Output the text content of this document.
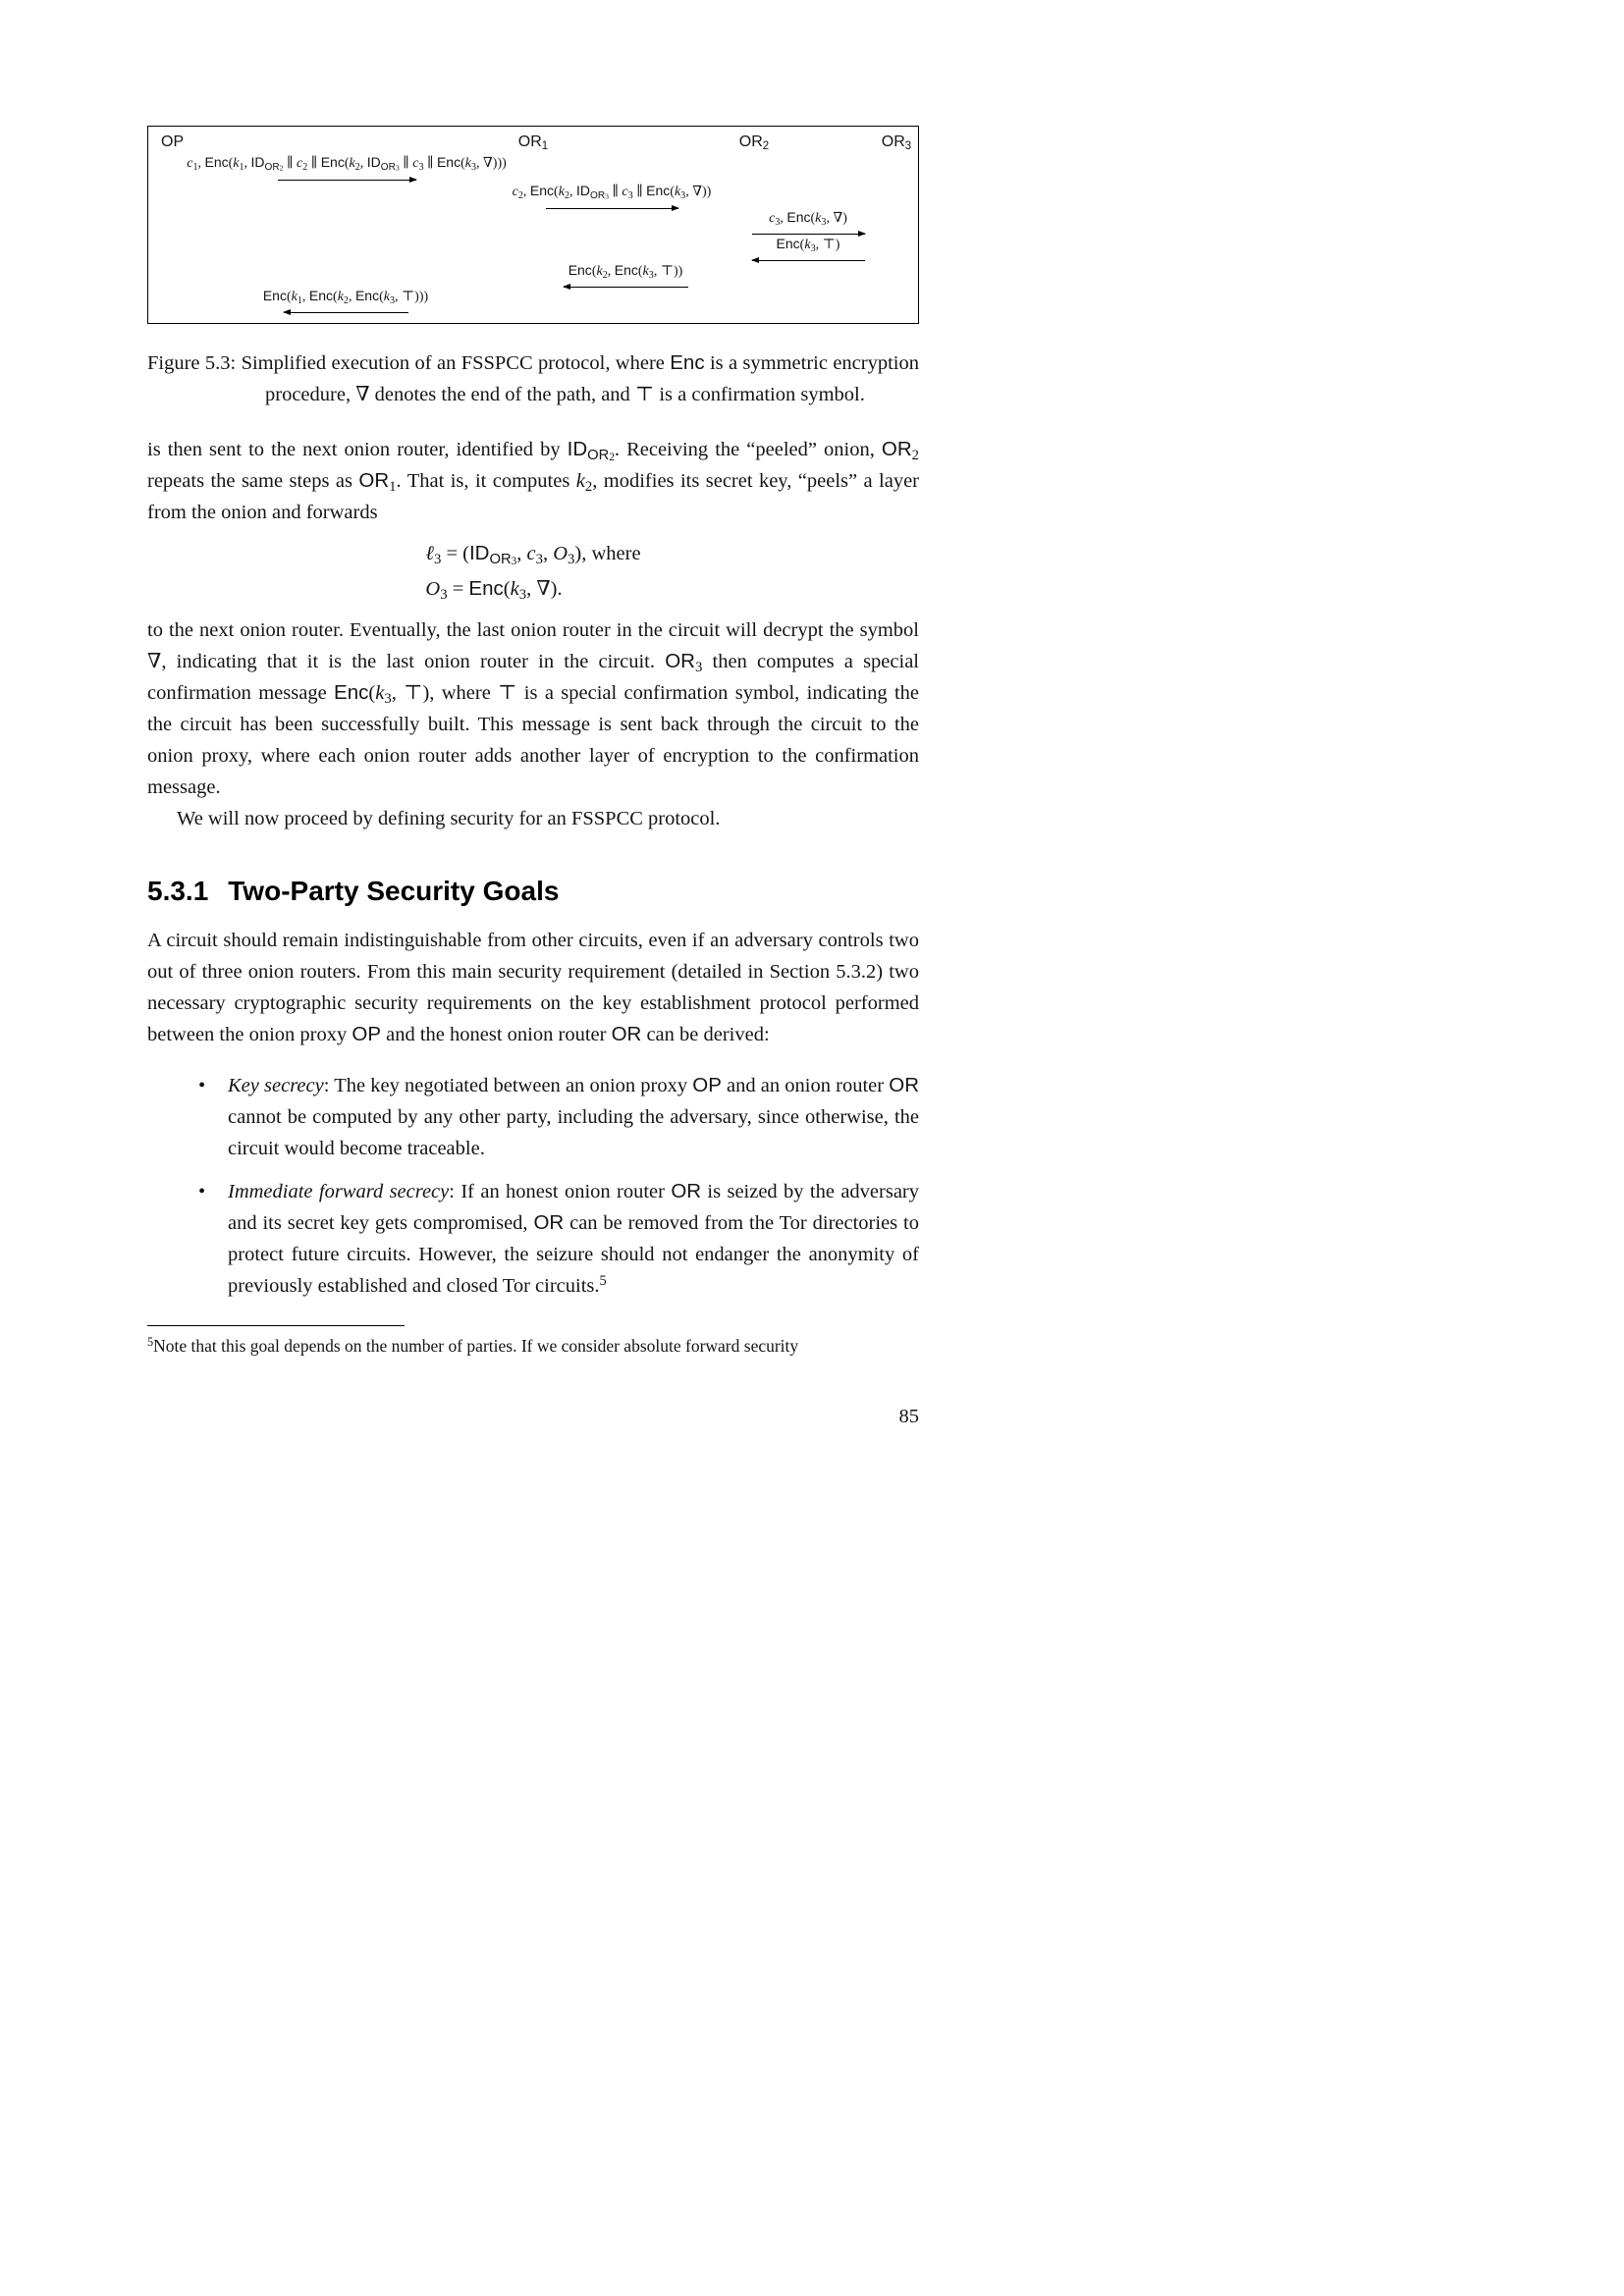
OP	$OR_1$	$OR_2$	$OR_3$
$c_1$, $Enc(k_1$, $ID_{OR2}$ ∥ $c_2$ ∥ $Enc(k_2$, $ID_{OR3}$ ∥ $c_3$ ∥ $Enc(k_3$, ∇)))
$c_2$, $Enc(k_2$, $ID_{OR3}$ ∥ $c_3$ ∥ $Enc(k_3$, ∇))
$c_3$, $Enc(k_3$, ∇)
$Enc(k_3$, ⊤)
$Enc(k_2$, $Enc(k_3$, ⊤))
$Enc(k_1$, $Enc(k_2$, $Enc(k_3$, ⊤)))

Figure 5.3: Simplified execution of an FSSPCC protocol, where Enc is a symmetric encryption procedure, ∇ denotes the end of the path, and ⊤ is a confirmation symbol.

is then sent to the next onion router, identified by $ID_{OR2}$. Receiving the “peeled” onion, $OR_2$ repeats the same steps as $OR_1$. That is, it computes $k_2$, modifies its secret key, “peels” a layer from the onion and forwards

ℓ$_3$ = ($ID_{OR3}$, $c_3$, $O_3$), where
$O_3 = Enc(k_3$, ∇).

to the next onion router. Eventually, the last onion router in the circuit will decrypt the symbol ∇, indicating that it is the last onion router in the circuit. $OR_3$ then computes a special confirmation message $Enc(k_3$, ⊤), where ⊤ is a special confirmation symbol, indicating the the circuit has been successfully built. This message is sent back through the circuit to the onion proxy, where each onion router adds another layer of encryption to the confirmation message.

We will now proceed by defining security for an FSSPCC protocol.

5.3.1 Two-Party Security Goals

A circuit should remain indistinguishable from other circuits, even if an adversary controls two out of three onion routers. From this main security requirement (detailed in Section 5.3.2) two necessary cryptographic security requirements on the key establishment protocol performed between the onion proxy OP and the honest onion router OR can be derived:

•	Key secrecy: The key negotiated between an onion proxy OP and an onion router OR cannot be computed by any other party, including the adversary, since otherwise, the circuit would become traceable.
•	Immediate forward secrecy: If an honest onion router OR is seized by the adversary and its secret key gets compromised, OR can be removed from the Tor directories to protect future circuits. However, the seizure should not endanger the anonymity of previously established and closed Tor circuits.$^5$

$^5$Note that this goal depends on the number of parties. If we consider absolute forward security

85
